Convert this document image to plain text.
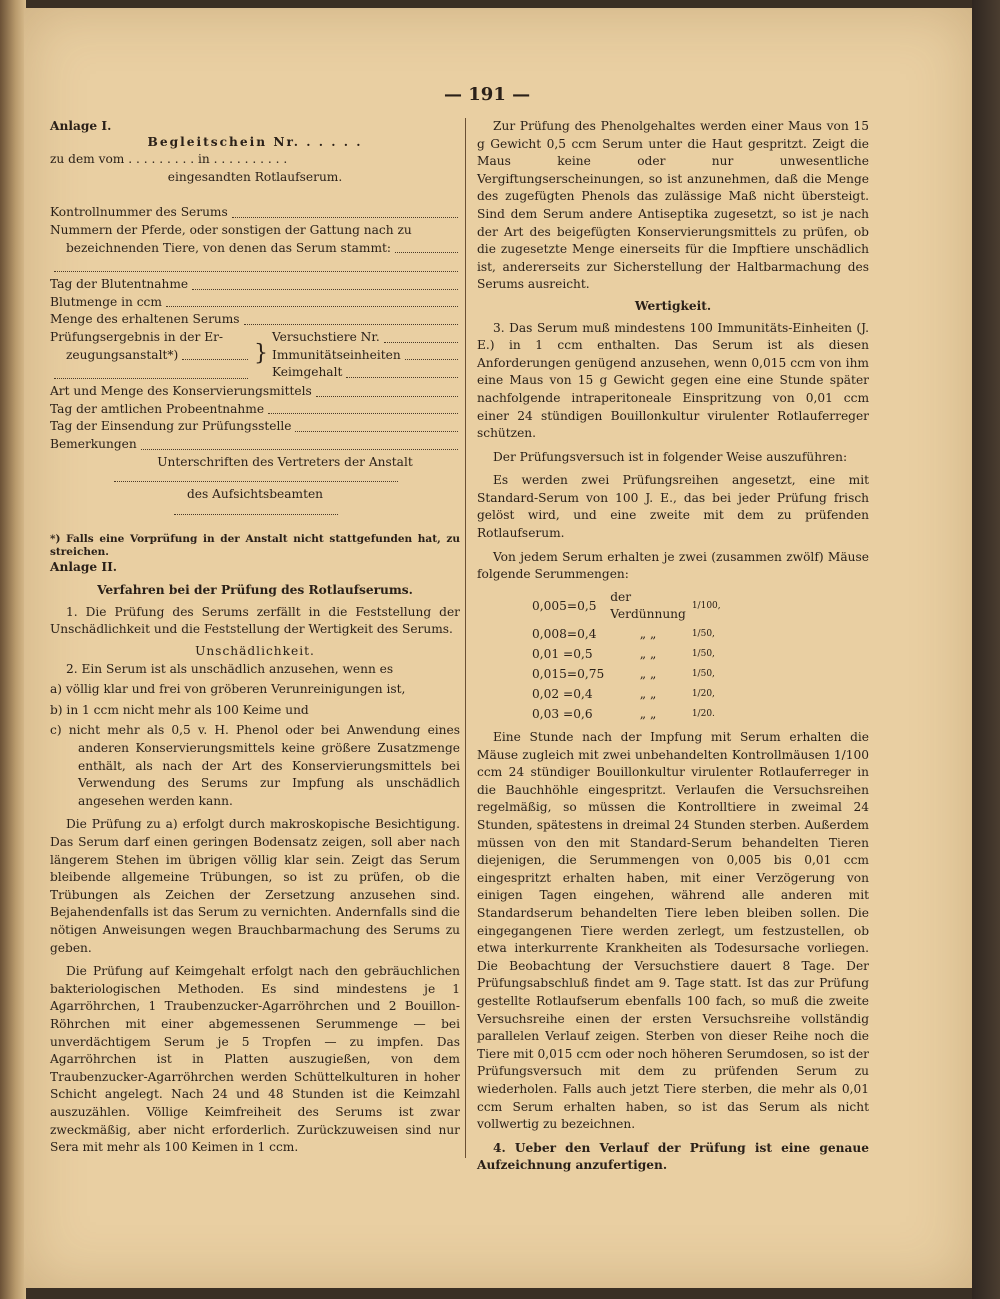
— 191 —

Anlage I.

Begleitschein Nr. . . . . .

zu dem vom . . . . . . . . . in . . . . . . . . . .

eingesandten Rotlaufserum.

Kontrollnummer des Serums
Nummern der Pferde, oder sonstigen der Gattung nach zu
bezeichnenden Tiere, von denen das Serum stammt:
Tag der Blutentnahme
Blutmenge in ccm
Menge des erhaltenen Serums
Prüfungsergebnis in der Er-
zeugungsanstalt*)	}
Versuchstiere Nr.
Immunitätseinheiten
Keimgehalt
Art und Menge des Konservierungsmittels
Tag der amtlichen Probeentnahme
Tag der Einsendung zur Prüfungsstelle
Bemerkungen

Unterschriften des Vertreters der Anstalt

des Aufsichtsbeamten

*) Falls eine Vorprüfung in der Anstalt nicht stattgefunden hat, zu streichen.

Anlage II.

Verfahren bei der Prüfung des Rotlaufserums.

1. Die Prüfung des Serums zerfällt in die Feststellung der Unschädlichkeit und die Feststellung der Wertigkeit des Serums.

Unschädlichkeit.

2. Ein Serum ist als unschädlich anzusehen, wenn es

a) völlig klar und frei von gröberen Verunreinigungen ist,

b) in 1 ccm nicht mehr als 100 Keime und

c) nicht mehr als 0,5 v. H. Phenol oder bei Anwendung eines anderen Konservierungsmittels keine größere Zusatzmenge enthält, als nach der Art des Konservierungsmittels bei Verwendung des Serums zur Impfung als unschädlich angesehen werden kann.

Die Prüfung zu a) erfolgt durch makroskopische Besichtigung. Das Serum darf einen geringen Bodensatz zeigen, soll aber nach längerem Stehen im übrigen völlig klar sein. Zeigt das Serum bleibende allgemeine Trübungen, so ist zu prüfen, ob die Trübungen als Zeichen der Zersetzung anzusehen sind. Bejahendenfalls ist das Serum zu vernichten. Andernfalls sind die nötigen Anweisungen wegen Brauchbarmachung des Serums zu geben.

Die Prüfung auf Keimgehalt erfolgt nach den gebräuchlichen bakteriologischen Methoden. Es sind mindestens je 1 Agarröhrchen, 1 Traubenzucker-Agarröhrchen und 2 Bouillon-Röhrchen mit einer abgemessenen Serummenge — bei unverdächtigem Serum je 5 Tropfen — zu impfen. Das Agarröhrchen ist in Platten auszugießen, von dem Traubenzucker-Agarröhrchen werden Schüttelkulturen in hoher Schicht angelegt. Nach 24 und 48 Stunden ist die Keimzahl auszuzählen. Völlige Keimfreiheit des Serums ist zwar zweckmäßig, aber nicht erforderlich. Zurückzuweisen sind nur Sera mit mehr als 100 Keimen in 1 ccm.

Zur Prüfung des Phenolgehaltes werden einer Maus von 15 g Gewicht 0,5 ccm Serum unter die Haut gespritzt. Zeigt die Maus keine oder nur unwesentliche Vergiftungserscheinungen, so ist anzunehmen, daß die Menge des zugefügten Phenols das zulässige Maß nicht übersteigt. Sind dem Serum andere Antiseptika zugesetzt, so ist je nach der Art des beigefügten Konservierungsmittels zu prüfen, ob die zugesetzte Menge einerseits für die Impftiere unschädlich ist, andererseits zur Sicherstellung der Haltbarmachung des Serums ausreicht.

Wertigkeit.

3. Das Serum muß mindestens 100 Immunitäts-Einheiten (J. E.) in 1 ccm enthalten. Das Serum ist als diesen Anforderungen genügend anzusehen, wenn 0,015 ccm von ihm eine Maus von 15 g Gewicht gegen eine eine Stunde später nachfolgende intraperitoneale Einspritzung von 0,01 ccm einer 24 stündigen Bouillonkultur virulenter Rotlauferreger schützen.

Der Prüfungsversuch ist in folgender Weise auszuführen:

Es werden zwei Prüfungsreihen angesetzt, eine mit Standard-Serum von 100 J. E., das bei jeder Prüfung frisch gelöst wird, und eine zweite mit dem zu prüfenden Rotlaufserum.

Von jedem Serum erhalten je zwei (zusammen zwölf) Mäuse folgende Serummengen:

0,005=0,5	der Verdünnung	1/100,
0,008=0,4	„ „	1/50,
0,01 =0,5	„ „	1/50,
0,015=0,75	„ „	1/50,
0,02 =0,4	„ „	1/20,
0,03 =0,6	„ „	1/20.

Eine Stunde nach der Impfung mit Serum erhalten die Mäuse zugleich mit zwei unbehandelten Kontrollmäusen 1/100 ccm 24 stündiger Bouillonkultur virulenter Rotlauferreger in die Bauchhöhle eingespritzt. Verlaufen die Versuchsreihen regelmäßig, so müssen die Kontrolltiere in zweimal 24 Stunden, spätestens in dreimal 24 Stunden sterben. Außerdem müssen von den mit Standard-Serum behandelten Tieren diejenigen, die Serummengen von 0,005 bis 0,01 ccm eingespritzt erhalten haben, mit einer Verzögerung von einigen Tagen eingehen, während alle anderen mit Standardserum behandelten Tiere leben bleiben sollen. Die eingegangenen Tiere werden zerlegt, um festzustellen, ob etwa interkurrente Krankheiten als Todesursache vorliegen. Die Beobachtung der Versuchstiere dauert 8 Tage. Der Prüfungsabschluß findet am 9. Tage statt. Ist das zur Prüfung gestellte Rotlaufserum ebenfalls 100 fach, so muß die zweite Versuchsreihe einen der ersten Versuchsreihe vollständig parallelen Verlauf zeigen. Sterben von dieser Reihe noch die Tiere mit 0,015 ccm oder noch höheren Serumdosen, so ist der Prüfungsversuch mit dem zu prüfenden Serum zu wiederholen. Falls auch jetzt Tiere sterben, die mehr als 0,01 ccm Serum erhalten haben, so ist das Serum als nicht vollwertig zu bezeichnen.

4. Ueber den Verlauf der Prüfung ist eine genaue Aufzeichnung anzufertigen.
